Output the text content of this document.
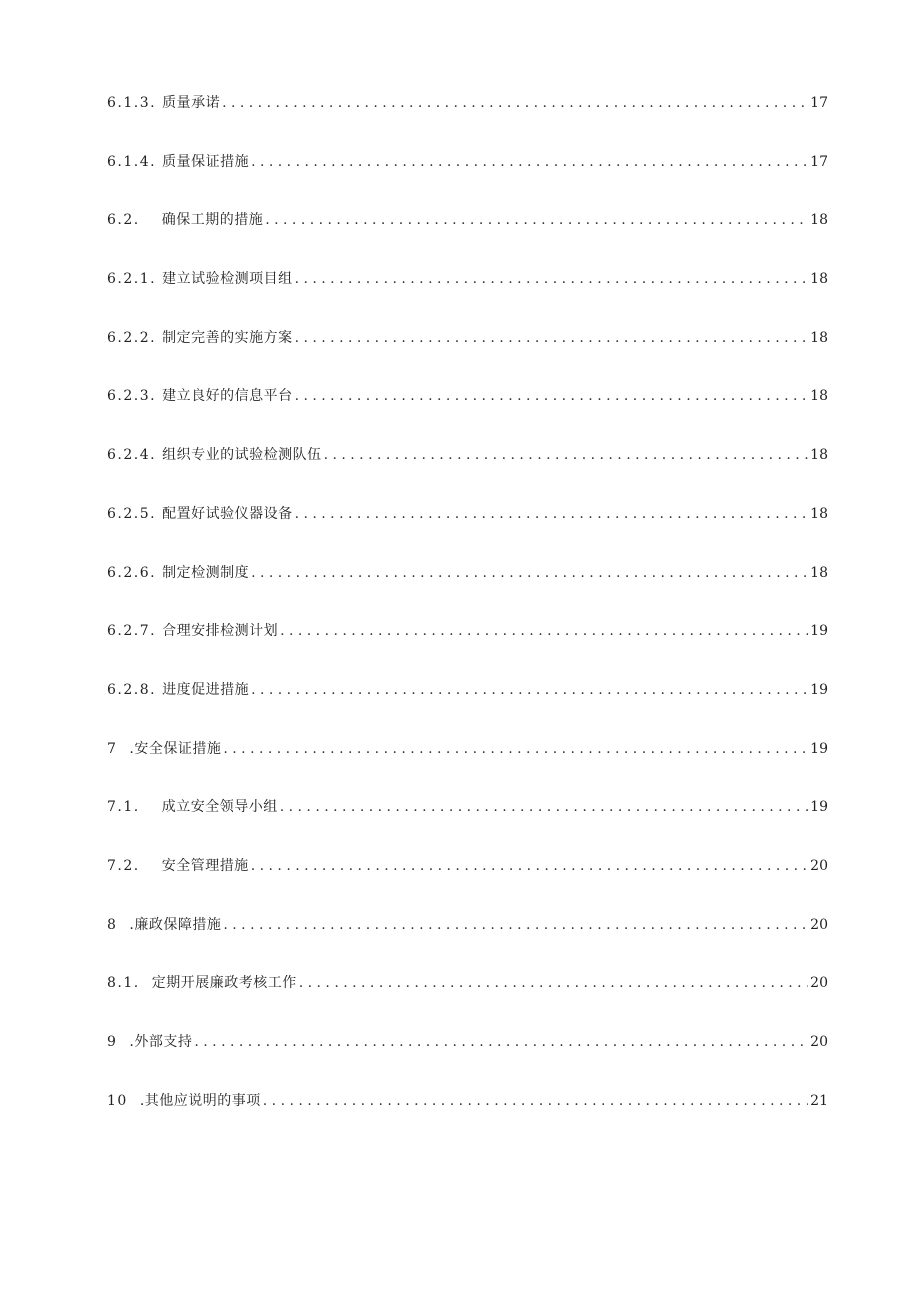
6.1.3. 质量承诺 . . .	17
6.1.4. 质量保证措施 . . .	17
6.2. 确保工期的措施 . . .	18
6.2.1. 建立试验检测项目组 . . .	18
6.2.2. 制定完善的实施方案 . . .	18
6.2.3. 建立良好的信息平台 . . .	18
6.2.4. 组织专业的试验检测队伍 . . .	18
6.2.5. 配置好试验仪器设备 . . .	18
6.2.6. 制定检测制度 . . .	18
6.2.7. 合理安排检测计划 . . .	19
6.2.8. 进度促进措施 . . .	19
7 .安全保证措施 . . .	19
7.1. 成立安全领导小组 . . .	19
7.2. 安全管理措施 . . .	20
8 .廉政保障措施 . . .	20
8.1. 定期开展廉政考核工作 . . .	20
9 .外部支持 . . .	20
10 .其他应说明的事项 . . .	21
